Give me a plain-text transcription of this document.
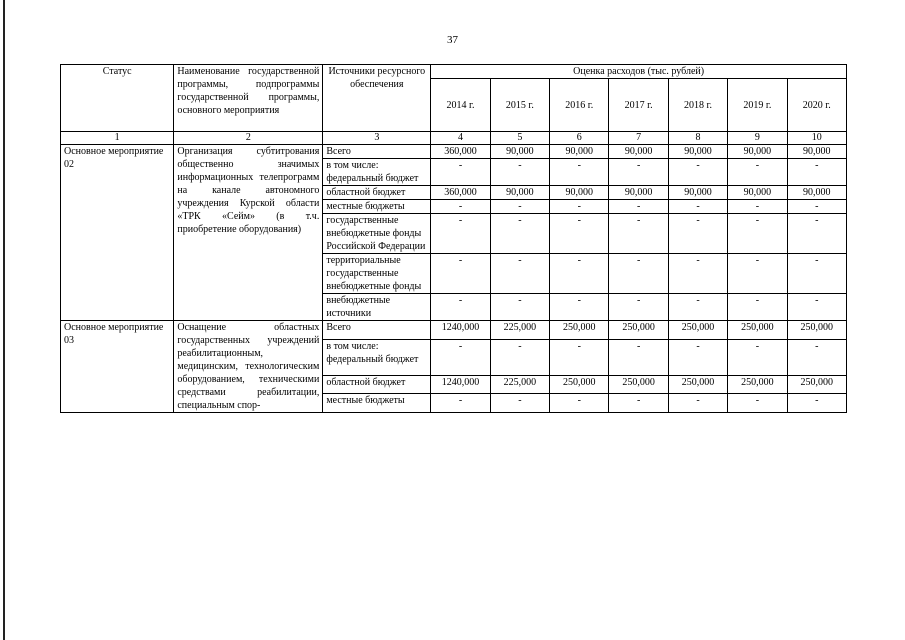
37
Статус	Наименование государственной программы, подпрограммы государственной программы, основного мероприятия	Источники ресурсного обеспечения	Оценка расходов (тыс. рублей)						
			2014 г.	2015 г.	2016 г.	2017 г.	2018 г.	2019 г.	2020 г.
1	2	3	4	5	6	7	8	9	10
Основное мероприятие 02	Организация субтитрования общественно значимых информационных телепрограмм на канале автономного учреждения Курской области «ТРК «Сейм» (в т.ч. приобретение оборудования)	Всего	360,000	90,000	90,000	90,000	90,000	90,000	90,000
		в том числе: федеральный бюджет	-	-	-	-	-	-	-
		областной бюджет	360,000	90,000	90,000	90,000	90,000	90,000	90,000
		местные бюджеты	-	-	-	-	-	-	-
		государственные внебюджетные фонды Российской Федерации	-	-	-	-	-	-	-
		территориальные государственные внебюджетные фонды	-	-	-	-	-	-	-
		внебюджетные источники	-	-	-	-	-	-	-
Основное мероприятие 03	Оснащение областных государственных учреждений реабилитационным, медицинским, технологическим оборудованием, техническими средствами реабилитации, специальным спор-	Всего	1240,000	225,000	250,000	250,000	250,000	250,000	250,000
		в том числе: федеральный бюджет	-	-	-	-	-	-	-
		областной бюджет	1240,000	225,000	250,000	250,000	250,000	250,000	250,000
		местные бюджеты	-	-	-	-	-	-	-
